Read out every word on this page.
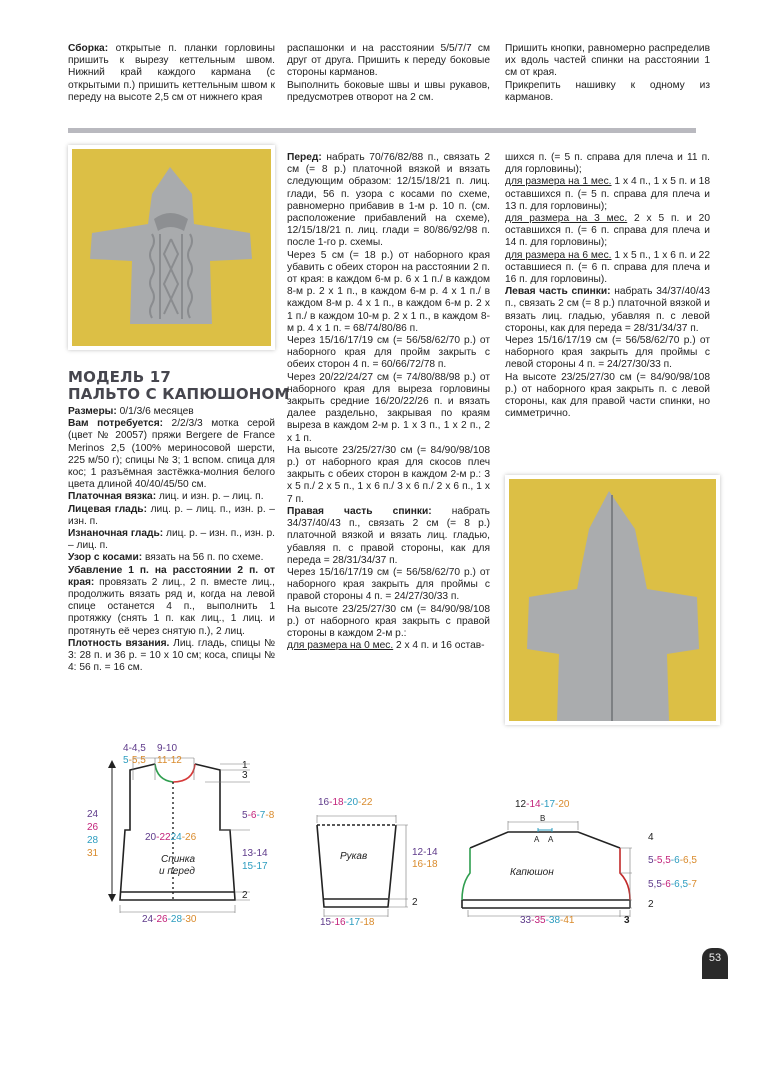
Сборка: открытые п. планки горловины пришить к вырезу кеттельным швом. Нижний край каждого кармана (с открытыми п.) пришить кеттельным швом к переду на высоте 2,5 см от нижнего края

распашонки и на расстоянии 5/5/7/7 см друг от друга. Пришить к переду боковые стороны карманов.

Выполнить боковые швы и швы рукавов, предусмотрев отворот на 2 см.

Пришить кнопки, равномерно распределив их вдоль частей спинки на расстоянии 1 см от края.

Прикрепить нашивку к одному из карманов.

МОДЕЛЬ 17
ПАЛЬТО С КАПЮШОНОМ

Размеры: 0/1/3/6 месяцев

Вам потребуется: 2/2/3/3 мотка серой (цвет № 20057) пряжи Bergere de France Merinos 2,5 (100% мериносовой шерсти, 225 м/50 г); спицы № 3; 1 вспом. спица для кос; 1 разъёмная застёжка-молния белого цвета длиной 40/40/45/50 см.

Платочная вязка: лиц. и изн. р. – лиц. п.

Лицевая гладь: лиц. р. – лиц. п., изн. р. – изн. п.

Изнаночная гладь: лиц. р. – изн. п., изн. р. – лиц. п.

Узор с косами: вязать на 56 п. по схеме.

Убавление 1 п. на расстоянии 2 п. от края: провязать 2 лиц., 2 п. вместе лиц., продолжить вязать ряд и, когда на левой спице останется 4 п., выполнить 1 протяжку (снять 1 п. как лиц., 1 лиц. и протянуть её через снятую п.), 2 лиц.

Плотность вязания. Лиц. гладь, спицы № 3: 28 п. и 36 р. = 10 х 10 см; коса, спицы № 4: 56 п. = 16 см.

Перед: набрать 70/76/82/88 п., связать 2 см (= 8 р.) платочной вязкой и вязать следующим образом: 12/15/18/21 п. лиц. глади, 56 п. узора с косами по схеме, равномерно прибавив в 1-м р. 10 п. (см. расположение прибавлений на схеме), 12/15/18/21 п. лиц. глади = 80/86/92/98 п. после 1-го р. схемы.

Через 5 см (= 18 р.) от наборного края убавить с обеих сторон на расстоянии 2 п. от края: в каждом 6-м р. 6 х 1 п./ в каждом 8-м р. 2 х 1 п., в каждом 6-м р. 4 х 1 п./ в каждом 8-м р. 4 х 1 п., в каждом 6-м р. 2 х 1 п./ в каждом 10-м р. 2 х 1 п., в каждом 8-м р. 4 х 1 п. = 68/74/80/86 п.

Через 15/16/17/19 см (= 56/58/62/70 р.) от наборного края для пройм закрыть с обеих сторон 4 п. = 60/66/72/78 п.

Через 20/22/24/27 см (= 74/80/88/98 р.) от наборного края для выреза горловины закрыть средние 16/20/22/26 п. и вязать далее раздельно, закрывая по краям выреза в каждом 2-м р. 1 х 3 п., 1 х 2 п., 2 х 1 п.

На высоте 23/25/27/30 см (= 84/90/98/108 р.) от наборного края для скосов плеч закрыть с обеих сторон в каждом 2-м р.: 3 х 5 п./ 2 х 5 п., 1 х 6 п./ 3 х 6 п./ 2 х 6 п., 1 х 7 п.

Правая часть спинки: набрать 34/37/40/43 п., связать 2 см (= 8 р.) платочной вязкой и вязать лиц. гладью, убавляя п. с правой стороны, как для переда = 28/31/34/37 п.

Через 15/16/17/19 см (= 56/58/62/70 р.) от наборного края закрыть для проймы с правой стороны 4 п. = 24/27/30/33 п.

На высоте 23/25/27/30 см (= 84/90/98/108 р.) от наборного края закрыть с правой стороны в каждом 2-м р.:

для размера на 0 мес. 2 х 4 п. и 16 остав-

шихся п. (= 5 п. справа для плеча и 11 п. для горловины);

для размера на 1 мес. 1 х 4 п., 1 х 5 п. и 18 оставшихся п. (= 5 п. справа для плеча и 13 п. для горловины);

для размера на 3 мес. 2 х 5 п. и 20 оставшихся п. (= 6 п. справа для плеча и 14 п. для горловины);

для размера на 6 мес. 1 х 5 п., 1 х 6 п. и 22 оставшиеся п. (= 6 п. справа для плеча и 16 п. для горловины).

Левая часть спинки: набрать 34/37/40/43 п., связать 2 см (= 8 р.) платочной вязкой и вязать лиц. гладью, убавляя п. с левой стороны, как для переда = 28/31/34/37 п.

Через 15/16/17/19 см (= 56/58/62/70 р.) от наборного края закрыть для проймы с левой стороны 4 п. = 24/27/30/33 п.

На высоте 23/25/27/30 см (= 84/90/98/108 р.) от наборного края закрыть п. с левой стороны, как для правой части спинки, но симметрично.

4-4,5 9-10
5-5,5 11-12	1
3
5-6-7-8
24
26
28
31
20-2224-26
13-14
15-17
Спинка
и перед
2
24-26-28-30
16-18-20-22
Рукав	12-14
16-18
2
15-16-17-18
12-14-17-20
B
A A
Капюшон
4
5-5,5-6-6,5
5,5-6-6,5-7
2
33-35-38-41	3
53
